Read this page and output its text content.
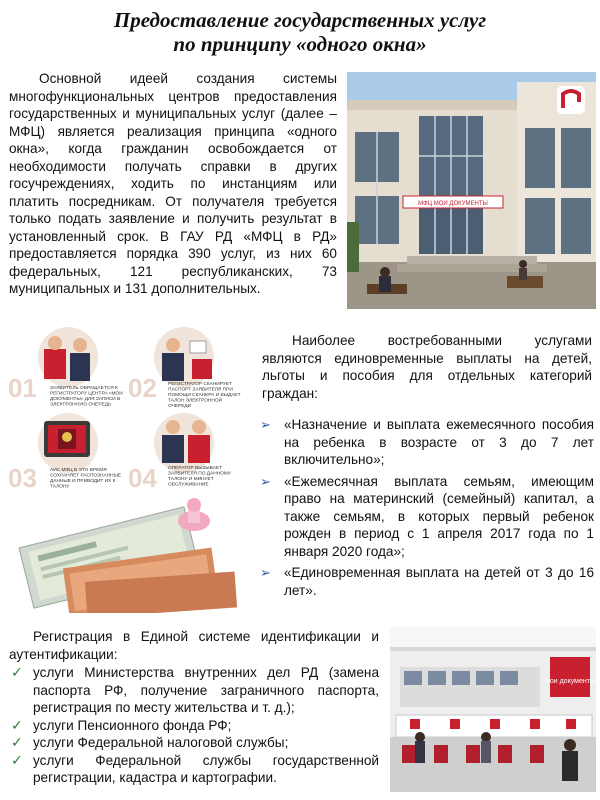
Предоставление государственных услуг
по принципу «одного окна»

Основной идеей создания системы многофункциональных центров предоставления государственных и муниципальных услуг (далее – МФЦ) является реализация принципа «одного окна», когда гражданин освобождается от необходимости получать справки в других госучреждениях, ходить по инстанциям или платить посредникам. От получателя требуется только подать заявление и получить результат в установленный срок. В ГАУ РД «МФЦ в РД» предоставляется порядка 390 услуг, из них 60 федеральных, 121 республиканских, 73 муниципальных и 131 дополнительных.

МФЦ МОИ ДОКУМЕНТЫ
01	ЗАЯВИТЕЛЬ ОБРАЩАЕТСЯ К РЕГИСТРАТОРУ ЦЕНТРА «МОИ ДОКУМЕНТЫ» ДЛЯ ЗАПИСИ В ЭЛЕКТРОННУЮ ОЧЕРЕДЬ
02 РЕГИСТРАТОР СКАНИРУЕТ ПАСПОРТ ЗАЯВИТЕЛЯ ПРИ ПОМОЩИ СКАНЕРА И ВЫДАЕТ ТАЛОН ЭЛЕКТРОННОЙ ОЧЕРЕДИ
03	АИС МФЦ В ЭТО ВРЕМЯ СОХРАНЯЕТ РАСПОЗНАННЫЕ ДАННЫЕ И ПРИВОДИТ ИХ К ТАЛОНУ	04 ОПЕРАТОР ВЫЗЫВАЕТ ЗАЯВИТЕЛЯ ПО ДАННОМУ ТАЛОНУ И МИНУЕТ ОБСЛУЖИВАНИЕ

Наиболее востребованными услугами являются единовременные выплаты на детей, льготы и пособия для отдельных категорий граждан:

➢ «Назначение и выплата ежемесячного пособия на ребенка в возрасте от 3 до 7 лет включительно»;
➢ «Ежемесячная выплата семьям, имеющим право на материнский (семейный) капитал, а также семьям, в которых первый ребенок рожден в период с 1 апреля 2017 года по 1 января 2020 года»;
➢ «Единовременная выплата на детей от 3 до 16 лет».

Регистрация в Единой системе идентификации и аутентификации:

✓ услуги Министерства внутренних дел РД (замена паспорта РФ, получение заграничного паспорта, регистрация по месту жительства и т. д.);
✓ услуги Пенсионного фонда РФ;
✓ услуги Федеральной налоговой службы;
✓ услуги Федеральной службы государственной регистрации, кадастра и картографии.
мои документы
